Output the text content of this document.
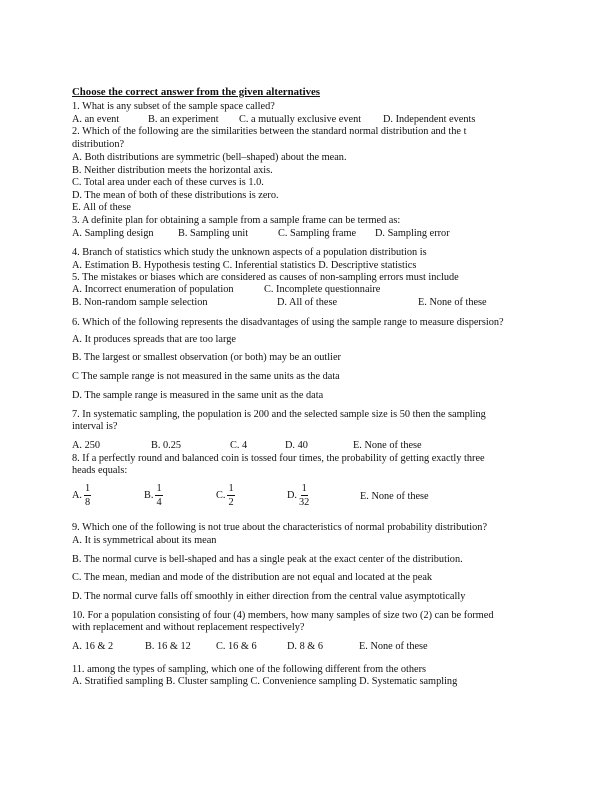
Choose the correct answer from the given alternatives
1. What is any subset of the sample space called?
A. an event	B. an experiment C. a mutually exclusive event D. Independent events
2. Which of the following are the similarities between the standard normal distribution and the t
distribution?
A. Both distributions are symmetric (bell–shaped) about the mean.
B. Neither distribution meets the horizontal axis.
C. Total area under each of these curves is 1.0.
D. The mean of both of these distributions is zero.
E. All of these
3. A definite plan for obtaining a sample from a sample frame can be termed as:
A. Sampling design B. Sampling unit	C. Sampling frame D. Sampling error
4. Branch of statistics which study the unknown aspects of a population distribution is
A. Estimation B. Hypothesis testing C. Inferential statistics D. Descriptive statistics
5. The mistakes or biases which are considered as causes of non-sampling errors must include
A. Incorrect enumeration of population	C. Incomplete questionnaire
B. Non-random sample selection	D. All of these	E. None of these
6. Which of the following represents the disadvantages of using the sample range to measure dispersion?
A. It produces spreads that are too large
B. The largest or smallest observation (or both) may be an outlier
C The sample range is not measured in the same units as the data
D. The sample range is measured in the same unit as the data
7. In systematic sampling, the population is 200 and the selected sample size is 50 then the sampling
interval is?
A. 250	B. 0.25	C. 4	D. 40	E. None of these
8. If a perfectly round and balanced coin is tossed four times, the probability of getting exactly three
heads equals:
A. $\frac{1}{8}$	B. $\frac{1}{4}$	C. $\frac{1}{2}$	D. $\frac{1}{32}$	E. None of these
9. Which one of the following is not true about the characteristics of normal probability distribution?
A. It is symmetrical about its mean
B. The normal curve is bell-shaped and has a single peak at the exact center of the distribution.
C. The mean, median and mode of the distribution are not equal and located at the peak
D. The normal curve falls off smoothly in either direction from the central value asymptotically
10. For a population consisting of four (4) members, how many samples of size two (2) can be formed
with replacement and without replacement respectively?
A. 16 & 2	B. 16 & 12 C. 16 & 6	D. 8 & 6	E. None of these
11. among the types of sampling, which one of the following different from the others
A. Stratified sampling B. Cluster sampling C. Convenience sampling D. Systematic sampling
